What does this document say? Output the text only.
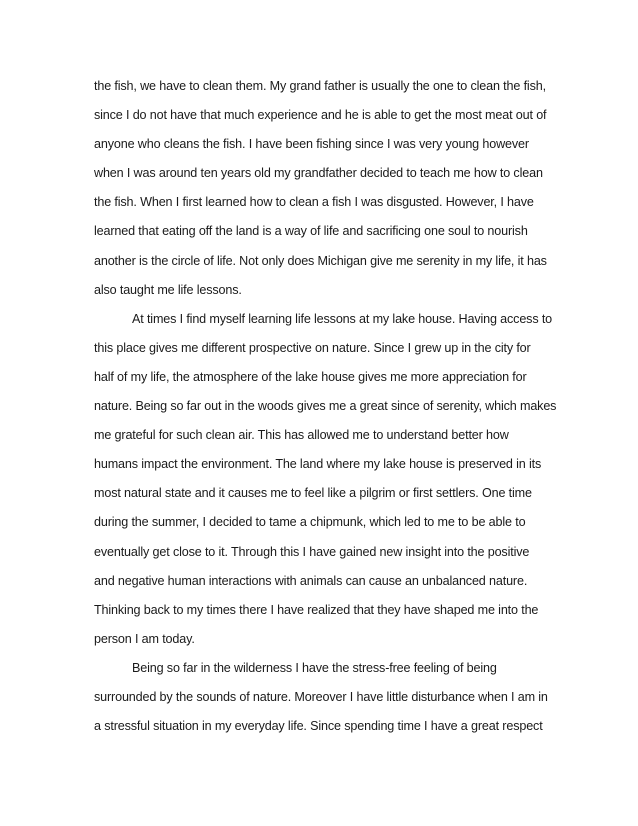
the fish, we have to clean them. My grand father is usually the one to clean the fish,
since I do not have that much experience and he is able to get the most meat out of
anyone who cleans the fish. I have been fishing since I was very young however
when I was around ten years old my grandfather decided to teach me how to clean
the fish. When I first learned how to clean a fish I was disgusted. However, I have
learned that eating off the land is a way of life and sacrificing one soul to nourish
another is the circle of life. Not only does Michigan give me serenity in my life, it has
also taught me life lessons.
At times I find myself learning life lessons at my lake house. Having access to
this place gives me different prospective on nature. Since I grew up in the city for
half of my life, the atmosphere of the lake house gives me more appreciation for
nature. Being so far out in the woods gives me a great since of serenity, which makes
me grateful for such clean air. This has allowed me to understand better how
humans impact the environment. The land where my lake house is preserved in its
most natural state and it causes me to feel like a pilgrim or first settlers. One time
during the summer, I decided to tame a chipmunk, which led to me to be able to
eventually get close to it. Through this I have gained new insight into the positive
and negative human interactions with animals can cause an unbalanced nature.
Thinking back to my times there I have realized that they have shaped me into the
person I am today.
Being so far in the wilderness I have the stress-free feeling of being
surrounded by the sounds of nature. Moreover I have little disturbance when I am in
a stressful situation in my everyday life. Since spending time I have a great respect
